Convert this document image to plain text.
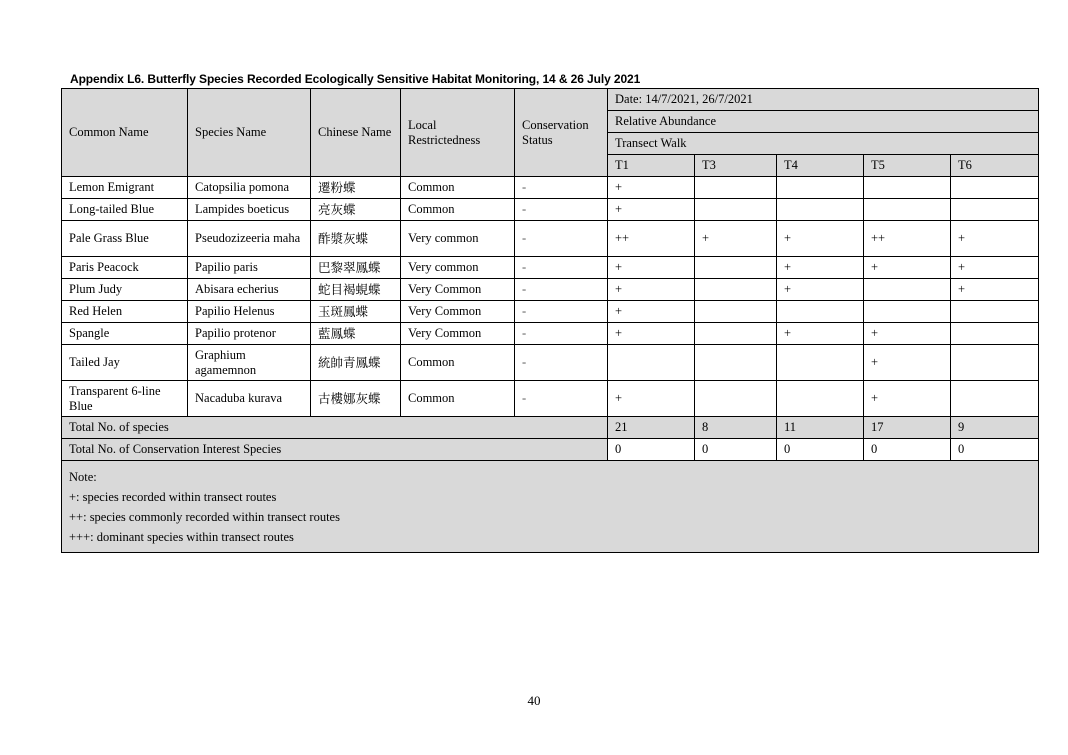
Appendix L6. Butterfly Species Recorded Ecologically Sensitive Habitat Monitoring, 14 & 26 July 2021
Common Name	Species Name	Chinese Name	Local Restrictedness	Conservation Status	Date: 14/7/2021, 26/7/2021				
					Relative Abundance				
					Transect Walk				
					T1	T3	T4	T5	T6
Lemon Emigrant	Catopsilia pomona	遷粉蝶	Common	-	+				
Long-tailed Blue	Lampides boeticus	亮灰蝶	Common	-	+				
Pale Grass Blue	Pseudozizeeria maha	酢漿灰蝶	Very common	-	++	+	+	++	+
Paris Peacock	Papilio paris	巴黎翠鳳蝶	Very common	-	+		+	+	+
Plum Judy	Abisara echerius	蛇目褐蜆蝶	Very Common	-	+		+		+
Red Helen	Papilio Helenus	玉斑鳳蝶	Very Common	-	+				
Spangle	Papilio protenor	藍鳳蝶	Very Common	-	+		+	+	
Tailed Jay	Graphium agamemnon	統帥青鳳蝶	Common	-				+	
Transparent 6-line Blue	Nacaduba kurava	古樓娜灰蝶	Common	-	+			+	
Total No. of species					21	8	11	17	9
Total No. of Conservation Interest Species					0	0	0	0	0

Note:
+: species recorded within transect routes
++: species commonly recorded within transect routes
+++: dominant species within transect routes									
40
